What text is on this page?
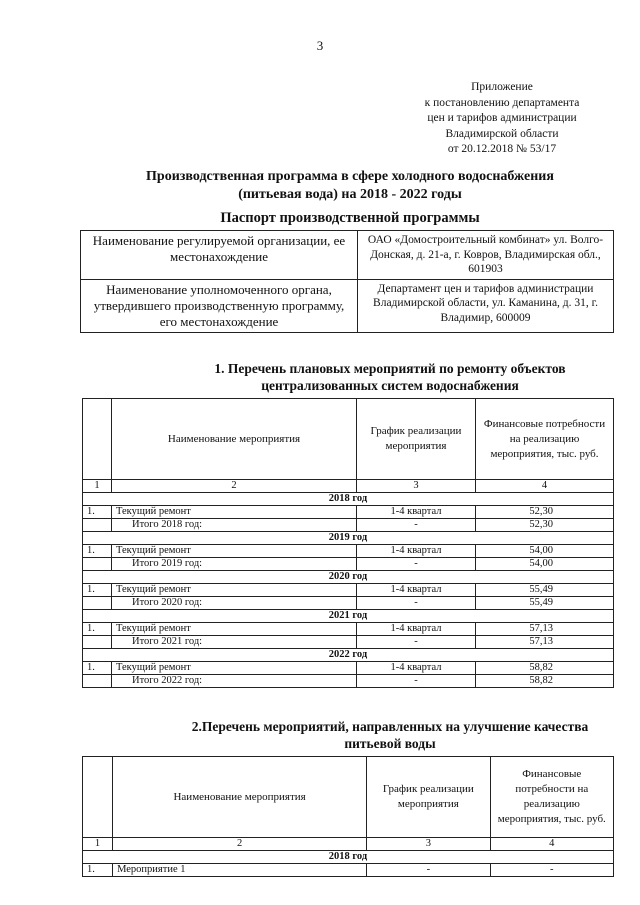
3
Приложение
к постановлению департамента
цен и тарифов администрации
Владимирской области
от 20.12.2018 № 53/17
Производственная программа в сфере холодного водоснабжения
(питьевая вода) на 2018 - 2022 годы
Паспорт производственной программы
Наименование регулируемой организации, ее местонахождение	ОАО «Домостроительный комбинат» ул. Волго-Донская, д. 21-а, г. Ковров, Владимирская обл., 601903
Наименование уполномоченного органа, утвердившего производственную программу, его местонахождение	Департамент цен и тарифов администрации Владимирской области, ул. Каманина, д. 31, г. Владимир, 600009
1. Перечень плановых мероприятий по ремонту объектов
централизованных систем водоснабжения
	Наименование мероприятия	График реализации мероприятия	Финансовые потребности на реализацию мероприятия, тыс. руб.
1	2	3	4
2018 год			
1.	Текущий ремонт	1-4 квартал	52,30
	Итого 2018 год:	-	52,30
2019 год			
1.	Текущий ремонт	1-4 квартал	54,00
	Итого 2019 год:	-	54,00
2020 год			
1.	Текущий ремонт	1-4 квартал	55,49
	Итого 2020 год:	-	55,49
2021 год			
1.	Текущий ремонт	1-4 квартал	57,13
	Итого 2021 год:	-	57,13
2022 год			
1.	Текущий ремонт	1-4 квартал	58,82
	Итого 2022 год:	-	58,82
2.Перечень мероприятий, направленных на улучшение качества
питьевой воды
	Наименование мероприятия	График реализации мероприятия	Финансовые потребности на реализацию мероприятия, тыс. руб.
1	2	3	4
2018 год			
1.	Мероприятие 1	-	-
